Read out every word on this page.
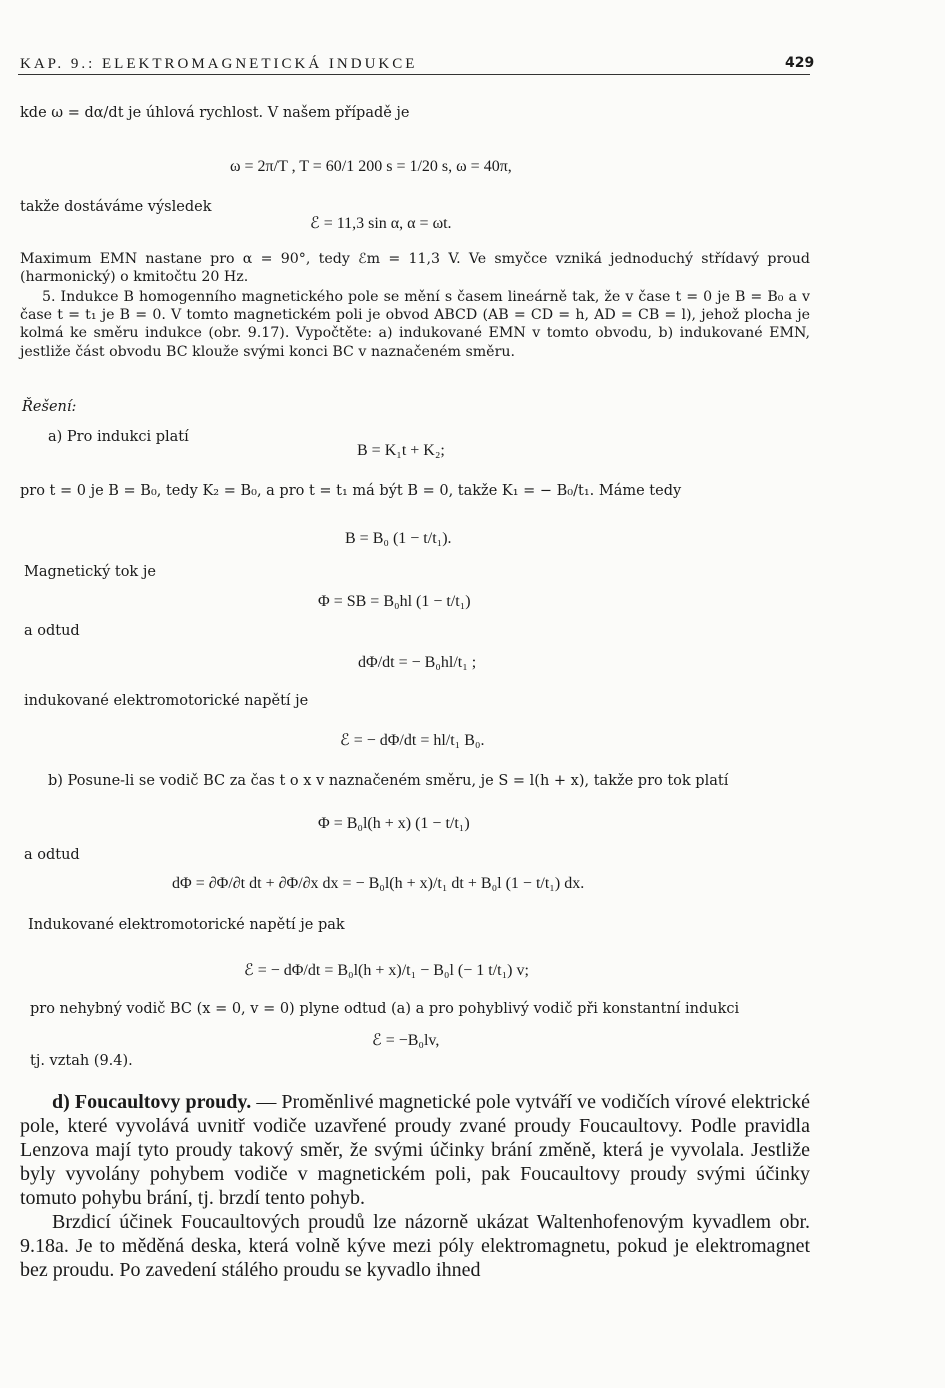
KAP. 9.: ELEKTROMAGNETICKÁ INDUKCE	429
kde ω = dα/dt je úhlová rychlost. V našem případě je
ω = 2π/T , T = 60/1 200 s = 1/20 s, ω = 40π,
takže dostáváme výsledek
ℰ = 11,3 sin α, α = ωt.
Maximum EMN nastane pro α = 90°, tedy ℰm = 11,3 V. Ve smyčce vzniká jednoduchý střídavý proud (harmonický) o kmitočtu 20 Hz.
5. Indukce B homogenního magnetického pole se mění s časem lineárně tak, že v čase t = 0 je B = B₀ a v čase t = t₁ je B = 0. V tomto magnetickém poli je obvod ABCD (AB = CD = h, AD = CB = l), jehož plocha je kolmá ke směru indukce (obr. 9.17). Vypočtěte: a) indukované EMN v tomto obvodu, b) indukované EMN, jestliže část obvodu BC klouže svými konci BC v naznačeném směru.
Řešení:
a) Pro indukci platí
B = K₁t + K₂;
pro t = 0 je B = B₀, tedy K₂ = B₀, a pro t = t₁ má být B = 0, takže K₁ = − B₀/t₁. Máme tedy
B = B₀ (1 − t/t₁).
Magnetický tok je
Φ = SB = B₀hl (1 − t/t₁)
a odtud
dΦ/dt = − B₀hl/t₁ ;
indukované elektromotorické napětí je
ℰ = − dΦ/dt = hl/t₁ B₀.
b) Posune-li se vodič BC za čas t o x v naznačeném směru, je S = l(h + x), takže pro tok platí
Φ = B₀l(h + x) (1 − t/t₁)
a odtud
dΦ = ∂Φ/∂t dt + ∂Φ/∂x dx = − B₀l(h + x)/t₁ dt + B₀l (1 − t/t₁) dx.
Indukované elektromotorické napětí je pak
ℰ = − dΦ/dt = B₀l(h + x)/t₁ − B₀l (− 1 t/t₁) v;
pro nehybný vodič BC (x = 0, v = 0) plyne odtud (a) a pro pohyblivý vodič při konstantní indukci
ℰ = −B₀lv,
tj. vztah (9.4).
d) Foucaultovy proudy. — Proměnlivé magnetické pole vytváří ve vodičích vírové elektrické pole, které vyvolává uvnitř vodiče uzavřené proudy zvané proudy Foucaultovy. Podle pravidla Lenzova mají tyto proudy takový směr, že svými účinky brání změně, která je vyvolala. Jestliže byly vyvolány pohybem vodiče v magnetickém poli, pak Foucaultovy proudy svými účinky tomuto pohybu brání, tj. brzdí tento pohyb.
Brzdicí účinek Foucaultových proudů lze názorně ukázat Waltenhofenovým kyvadlem obr. 9.18a. Je to měděná deska, která volně kýve mezi póly elektromagnetu, pokud je elektromagnet bez proudu. Po zavedení stálého proudu se kyvadlo ihned
